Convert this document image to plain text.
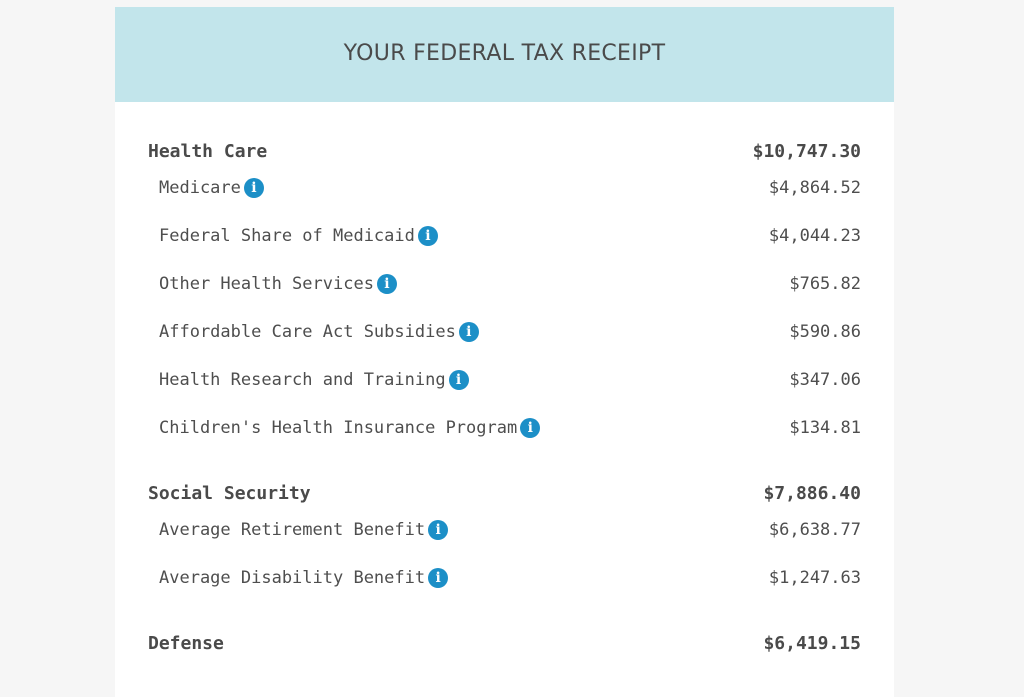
YOUR FEDERAL TAX RECEIPT
Health Care	$10,747.30
Medicare i	$4,864.52
Federal Share of Medicaid i	$4,044.23
Other Health Services i	$765.82
Affordable Care Act Subsidies i	$590.86
Health Research and Training i	$347.06
Children's Health Insurance Program i	$134.81
Social Security	$7,886.40
Average Retirement Benefit i	$6,638.77
Average Disability Benefit i	$1,247.63
Defense	$6,419.15
